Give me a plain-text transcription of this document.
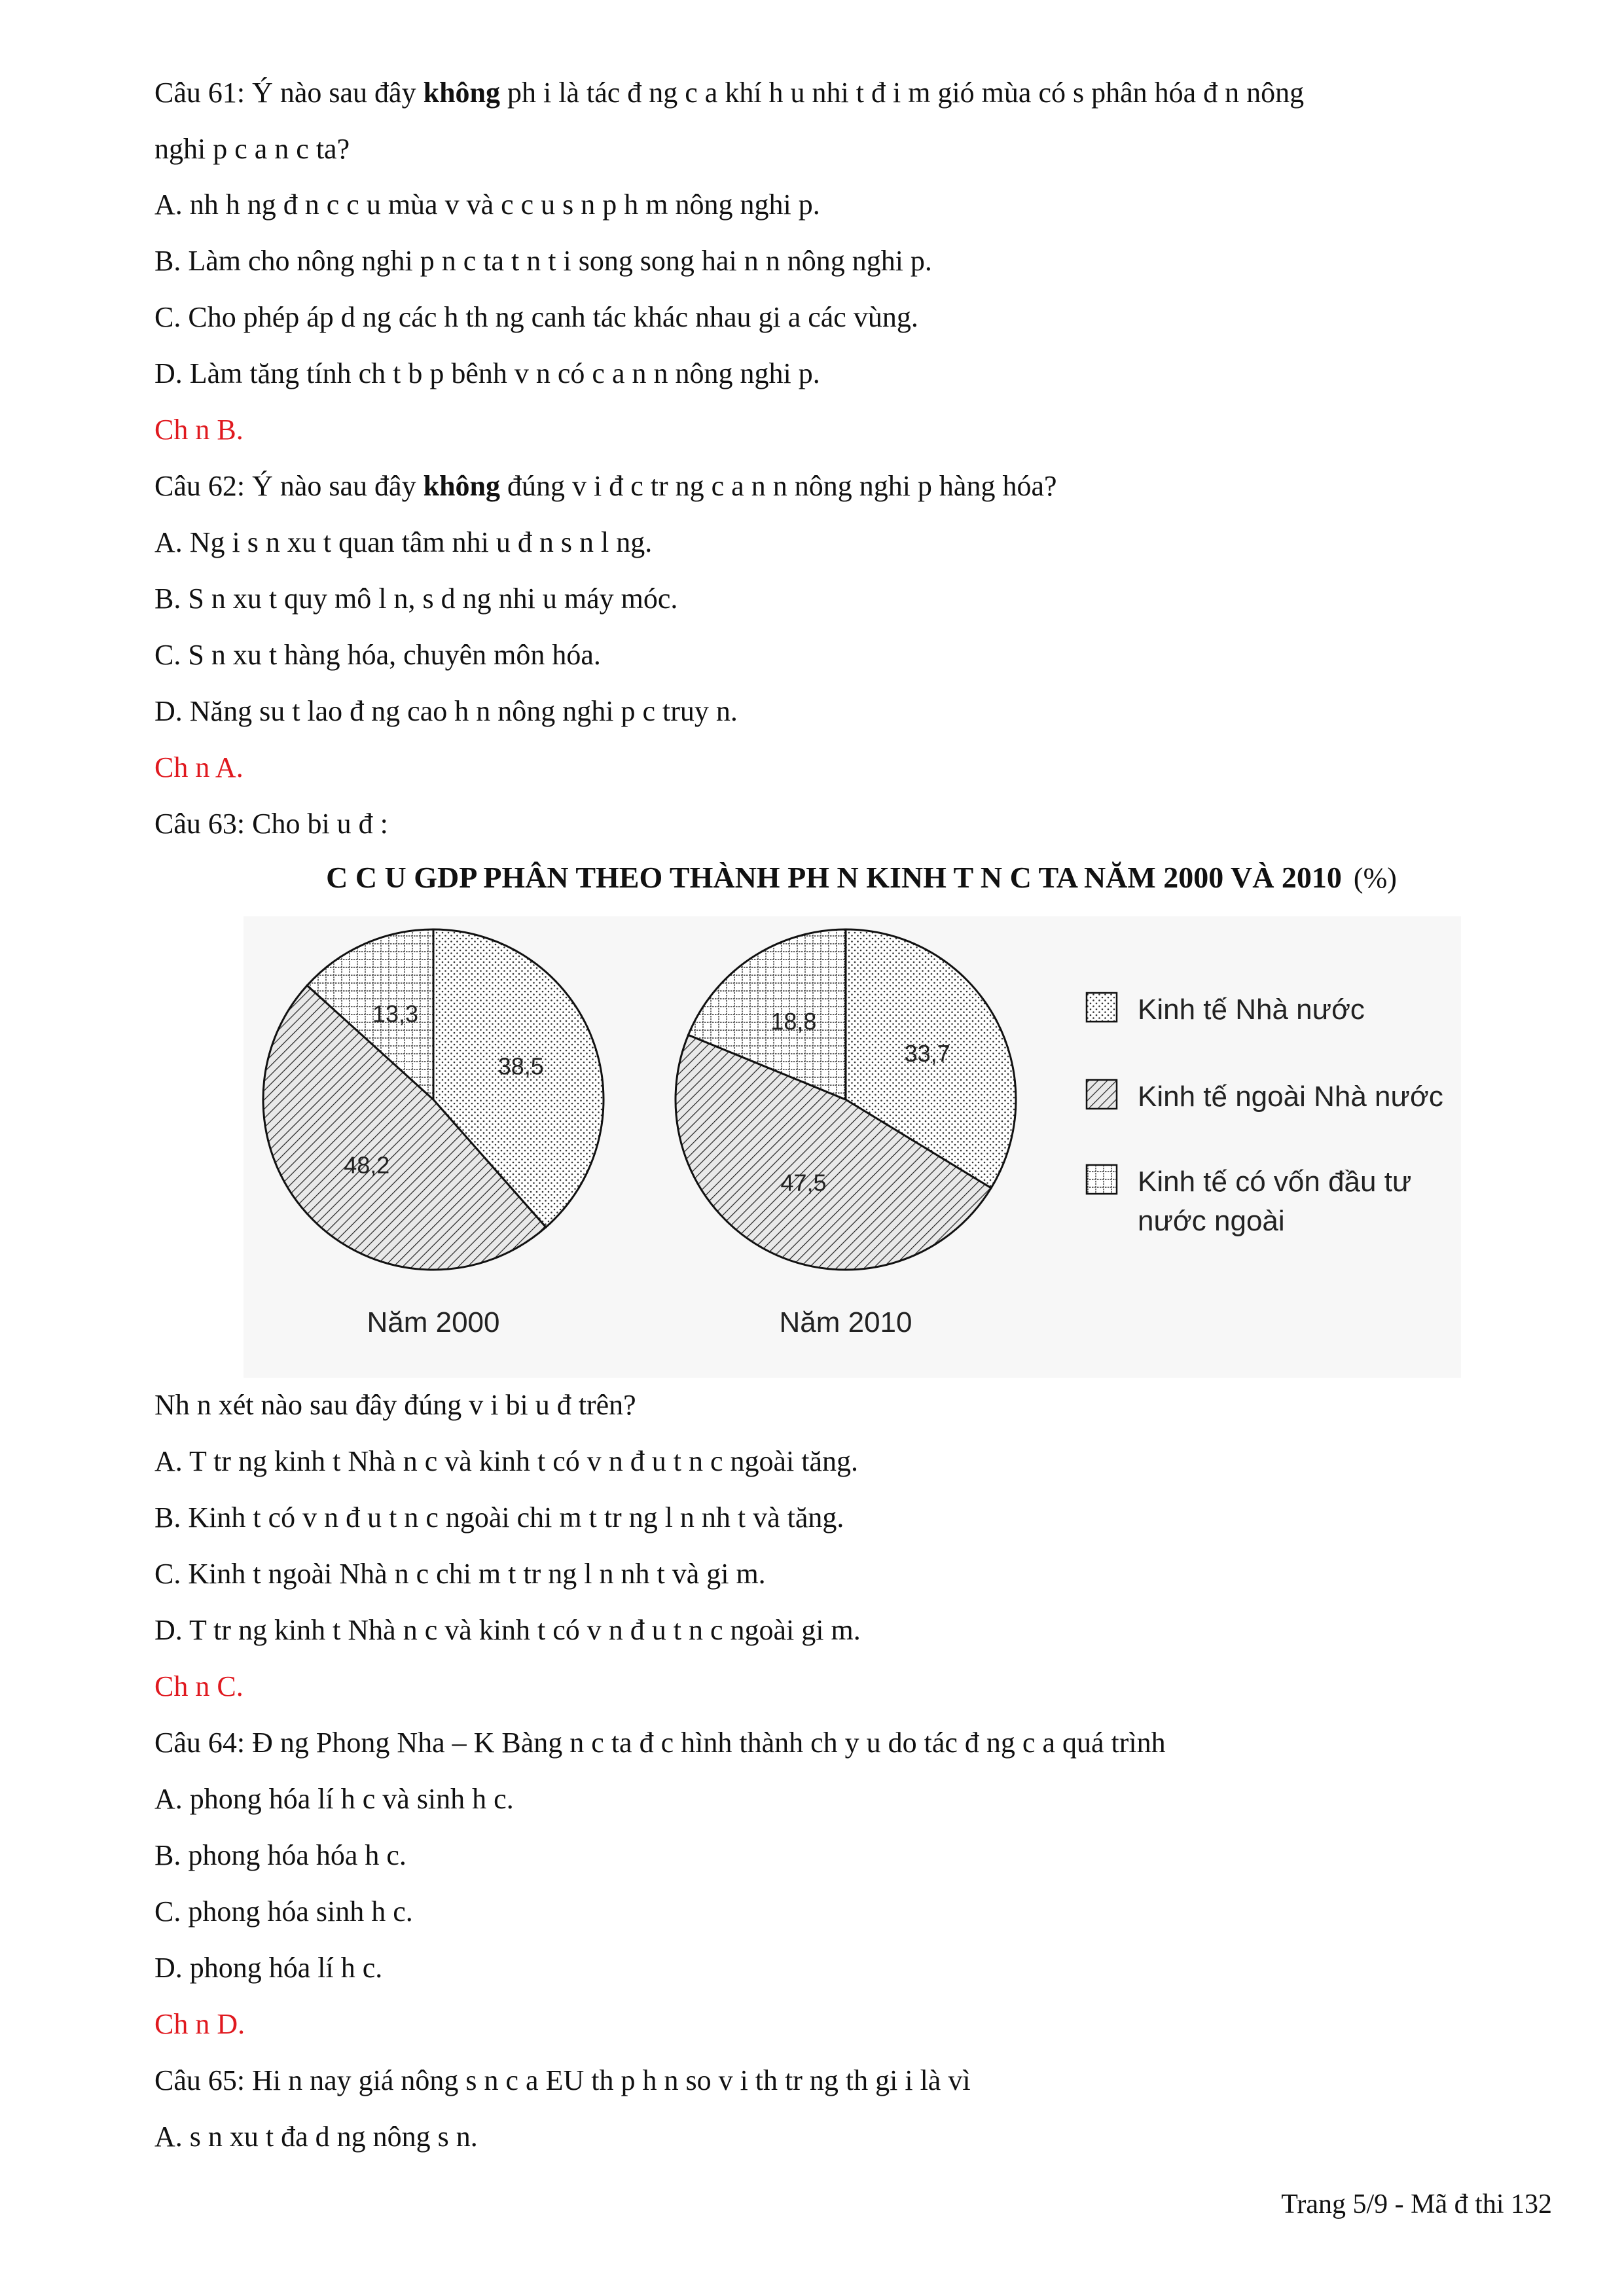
Câu 61: Ý nào sau đây không ph i là tác đ ng c a khí h u nhi t đ i m gió mùa có s phân hóa đ n nông
nghi p c a n c ta?
A. nh h ng đ n c c u mùa v và c c u s n p h m nông nghi p.
B. Làm cho nông nghi p n c ta t n t i song song hai n n nông nghi p.
C. Cho phép áp d ng các h th ng canh tác khác nhau gi a các vùng.
D. Làm tăng tính ch t b p bênh v n có c a n n nông nghi p.
Ch n B.
Câu 62: Ý nào sau đây không đúng v i đ c tr ng c a n n nông nghi p hàng hóa?
A. Ng i s n xu t quan tâm nhi u đ n s n l ng.
B. S n xu t quy mô l n, s d ng nhi u máy móc.
C. S n xu t hàng hóa, chuyên môn hóa.
D. Năng su t lao đ ng cao h n nông nghi p c truy n.
Ch n A.
Câu 63: Cho bi u đ :
C C U GDP PHÂN THEO THÀNH PH N KINH T N C TA NĂM 2000 VÀ 2010 (%)
38,5
48,2
13,3
Năm 2000
33,7
47,5
18,8
Năm 2010
Kinh tế Nhà nước
Kinh tế ngoài Nhà nước
Kinh tế có vốn đầu tư
nước ngoài
Nh n xét nào sau đây đúng v i bi u đ trên?
A. T tr ng kinh t Nhà n c và kinh t có v n đ u t n c ngoài tăng.
B. Kinh t có v n đ u t n c ngoài chi m t tr ng l n nh t và tăng.
C. Kinh t ngoài Nhà n c chi m t tr ng l n nh t và gi m.
D. T tr ng kinh t Nhà n c và kinh t có v n đ u t n c ngoài gi m.
Ch n C.
Câu 64: Đ ng Phong Nha – K Bàng n c ta đ c hình thành ch y u do tác đ ng c a quá trình
A. phong hóa lí h c và sinh h c.
B. phong hóa hóa h c.
C. phong hóa sinh h c.
D. phong hóa lí h c.
Ch n D.
Câu 65: Hi n nay giá nông s n c a EU th p h n so v i th tr ng th gi i là vì
A. s n xu t đa d ng nông s n.
Trang 5/9 - Mã đ thi 132
